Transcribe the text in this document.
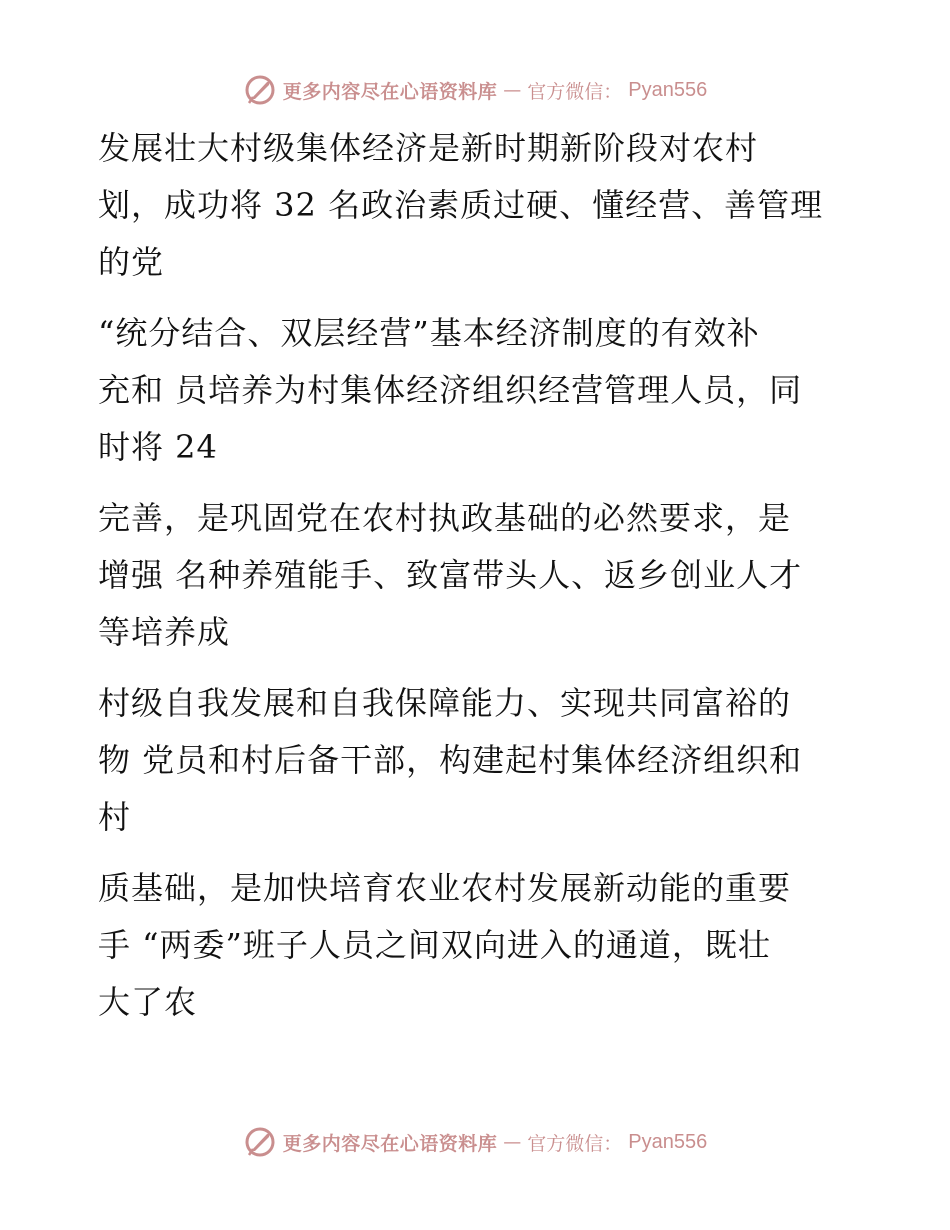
更多内容尽在心语资料库 — 官方微信： Pyan556
发展壮大村级集体经济是新时期新阶段对农村
划，成功将 32 名政治素质过硬、懂经营、善管理
的党
“统分结合、双层经营”基本经济制度的有效补
充和 员培养为村集体经济组织经营管理人员，同
时将 24
完善，是巩固党在农村执政基础的必然要求，是
增强 名种养殖能手、致富带头人、返乡创业人才
等培养成
村级自我发展和自我保障能力、实现共同富裕的
物 党员和村后备干部，构建起村集体经济组织和
村
质基础，是加快培育农业农村发展新动能的重要
手 “两委”班子人员之间双向进入的通道，既壮
大了农
更多内容尽在心语资料库 — 官方微信： Pyan556
